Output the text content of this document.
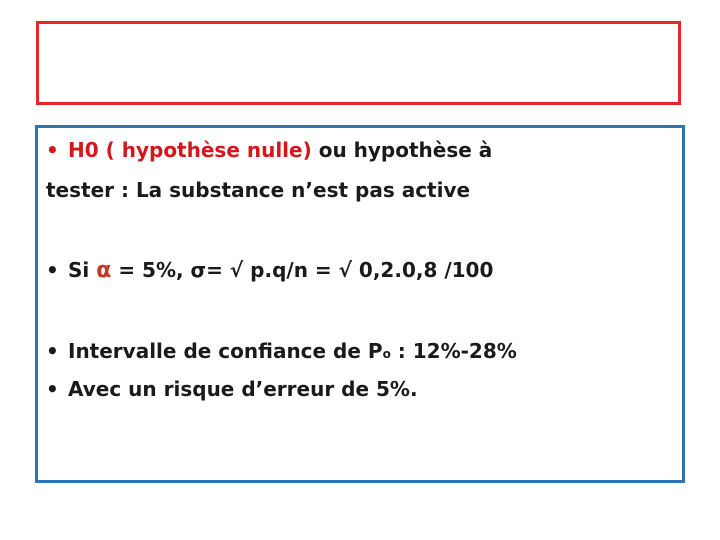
• H0 ( hypothèse nulle) ou hypothèse à
tester : La substance n’est pas active
• Si α = 5%, σ= √ p.q/n = √ 0,2.0,8 /100
• Intervalle de confiance de Po : 12%-28%
• Avec un risque d’erreur de 5%.
